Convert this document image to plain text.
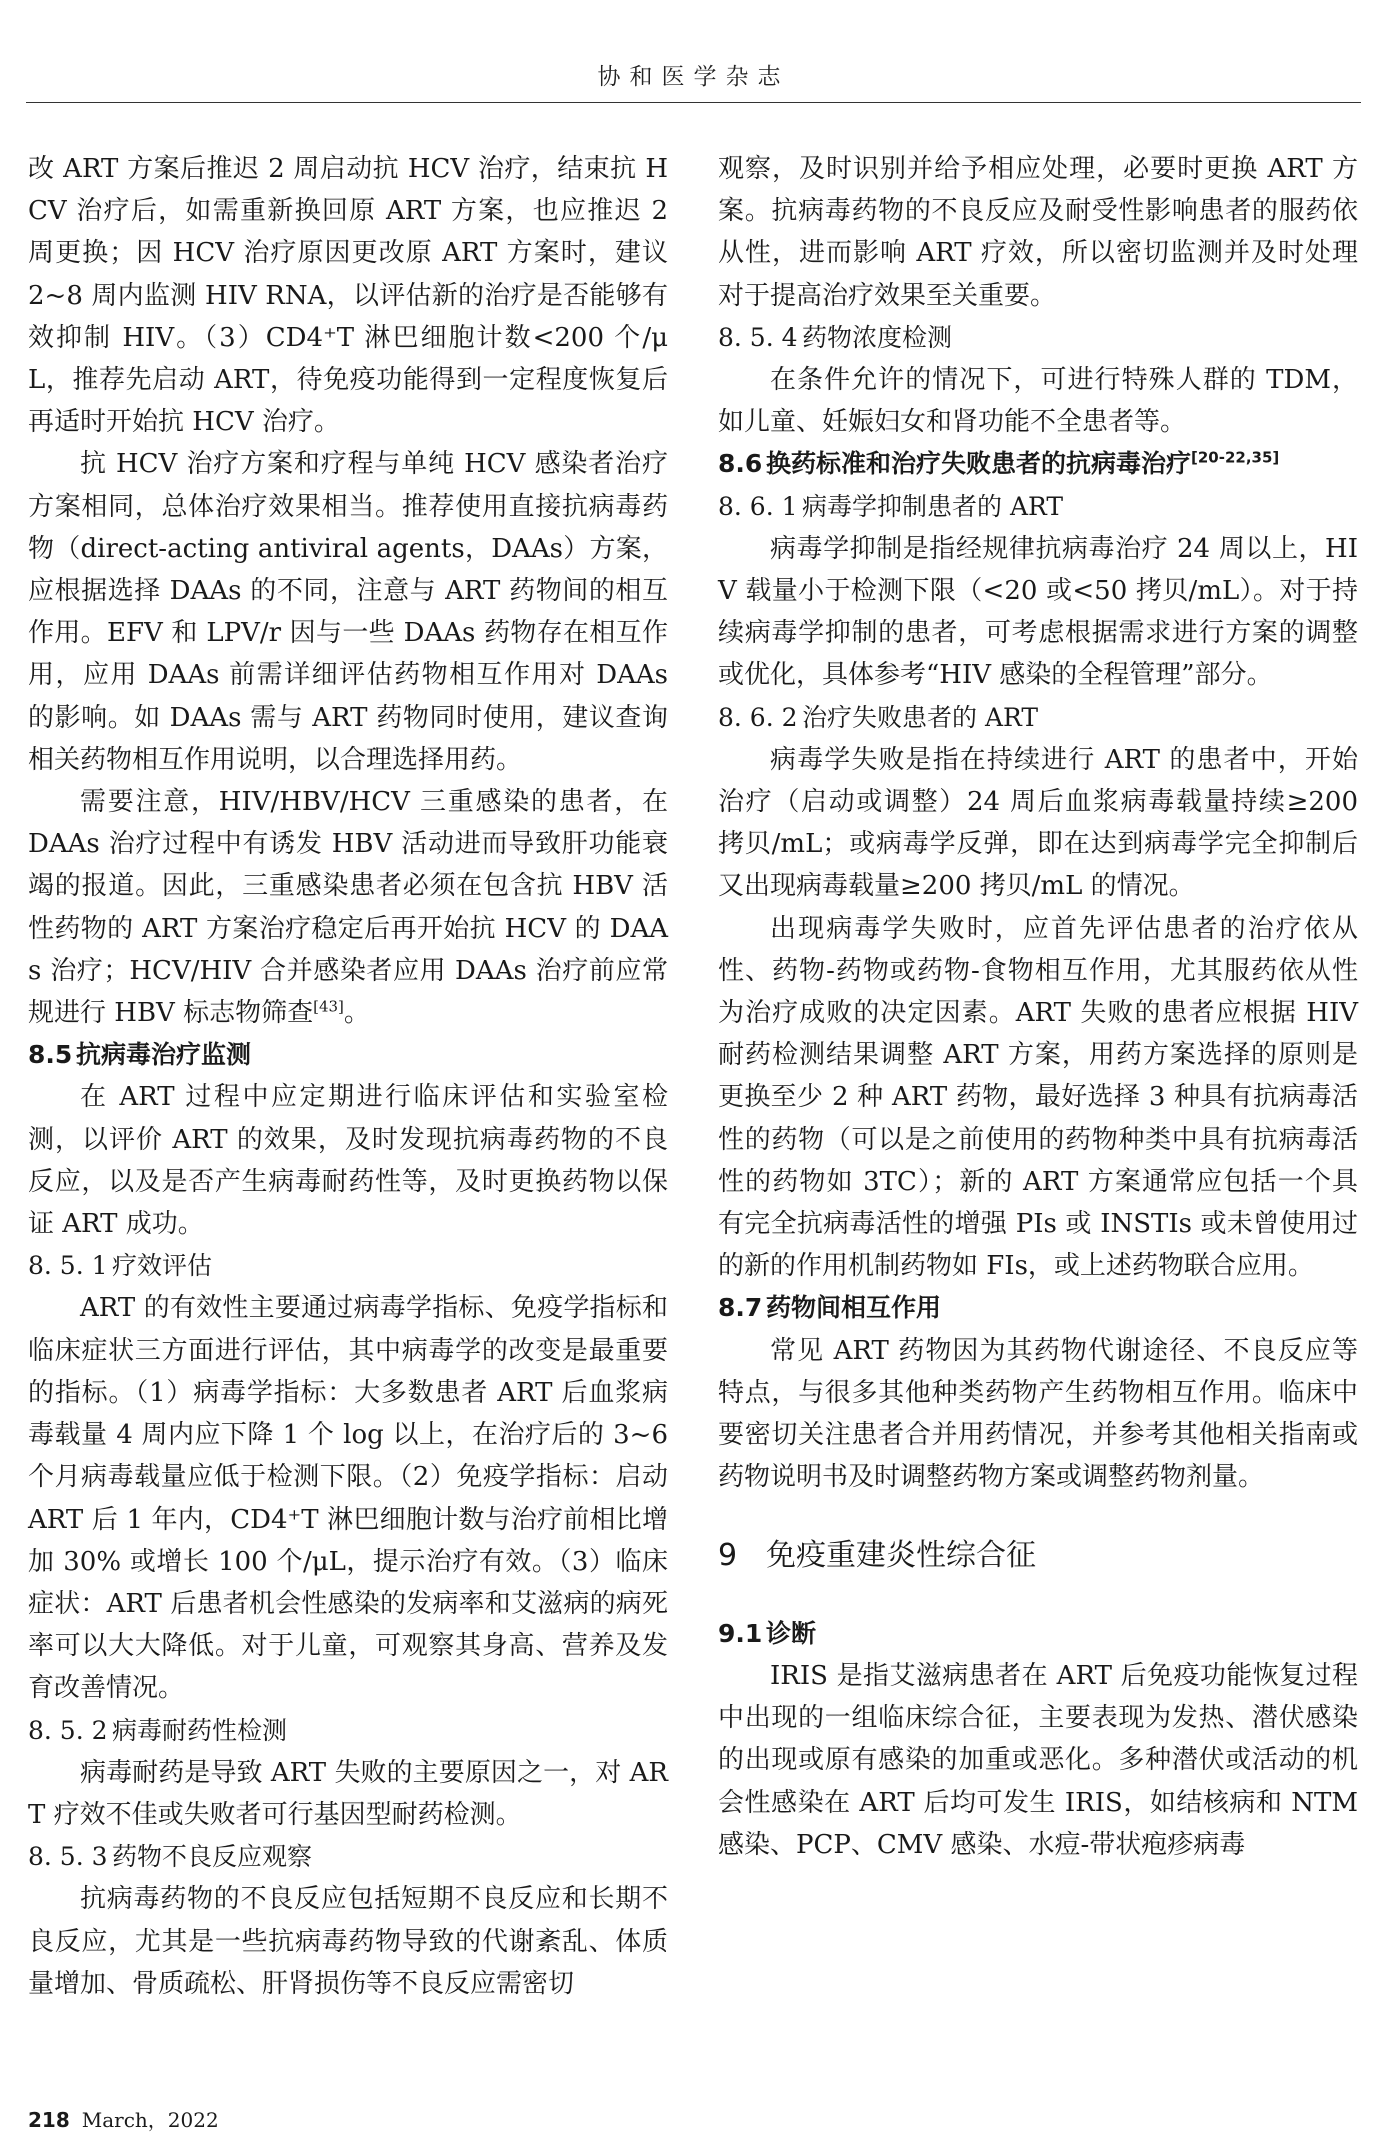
协和医学杂志

改 ART 方案后推迟 2 周启动抗 HCV 治疗，结束抗 HCV 治疗后，如需重新换回原 ART 方案，也应推迟 2 周更换；因 HCV 治疗原因更改原 ART 方案时，建议 2~8 周内监测 HIV RNA，以评估新的治疗是否能够有效抑制 HIV。（3）CD4⁺T 淋巴细胞计数<200 个/μL，推荐先启动 ART，待免疫功能得到一定程度恢复后再适时开始抗 HCV 治疗。

抗 HCV 治疗方案和疗程与单纯 HCV 感染者治疗方案相同，总体治疗效果相当。推荐使用直接抗病毒药物（direct-acting antiviral agents，DAAs）方案，应根据选择 DAAs 的不同，注意与 ART 药物间的相互作用。EFV 和 LPV/r 因与一些 DAAs 药物存在相互作用，应用 DAAs 前需详细评估药物相互作用对 DAAs 的影响。如 DAAs 需与 ART 药物同时使用，建议查询相关药物相互作用说明，以合理选择用药。

需要注意，HIV/HBV/HCV 三重感染的患者，在 DAAs 治疗过程中有诱发 HBV 活动进而导致肝功能衰竭的报道。因此，三重感染患者必须在包含抗 HBV 活性药物的 ART 方案治疗稳定后再开始抗 HCV 的 DAAs 治疗；HCV/HIV 合并感染者应用 DAAs 治疗前应常规进行 HBV 标志物筛查[43]。

8.5 抗病毒治疗监测

在 ART 过程中应定期进行临床评估和实验室检测，以评价 ART 的效果，及时发现抗病毒药物的不良反应，以及是否产生病毒耐药性等，及时更换药物以保证 ART 成功。

8. 5. 1 疗效评估

ART 的有效性主要通过病毒学指标、免疫学指标和临床症状三方面进行评估，其中病毒学的改变是最重要的指标。（1）病毒学指标：大多数患者 ART 后血浆病毒载量 4 周内应下降 1 个 log 以上，在治疗后的 3~6个月病毒载量应低于检测下限。（2）免疫学指标：启动 ART 后 1 年内，CD4⁺T 淋巴细胞计数与治疗前相比增加 30% 或增长 100 个/μL，提示治疗有效。（3）临床症状：ART 后患者机会性感染的发病率和艾滋病的病死率可以大大降低。对于儿童，可观察其身高、营养及发育改善情况。

8. 5. 2 病毒耐药性检测

病毒耐药是导致 ART 失败的主要原因之一，对 ART 疗效不佳或失败者可行基因型耐药检测。

8. 5. 3 药物不良反应观察

抗病毒药物的不良反应包括短期不良反应和长期不良反应，尤其是一些抗病毒药物导致的代谢紊乱、体质量增加、骨质疏松、肝肾损伤等不良反应需密切

观察，及时识别并给予相应处理，必要时更换 ART 方案。抗病毒药物的不良反应及耐受性影响患者的服药依从性，进而影响 ART 疗效，所以密切监测并及时处理对于提高治疗效果至关重要。

8. 5. 4 药物浓度检测

在条件允许的情况下，可进行特殊人群的 TDM，如儿童、妊娠妇女和肾功能不全患者等。

8.6 换药标准和治疗失败患者的抗病毒治疗[20-22,35]

8. 6. 1 病毒学抑制患者的 ART

病毒学抑制是指经规律抗病毒治疗 24 周以上，HIV 载量小于检测下限（<20 或<50 拷贝/mL）。对于持续病毒学抑制的患者，可考虑根据需求进行方案的调整或优化，具体参考“HIV 感染的全程管理”部分。

8. 6. 2 治疗失败患者的 ART

病毒学失败是指在持续进行 ART 的患者中，开始治疗（启动或调整）24 周后血浆病毒载量持续≥200 拷贝/mL；或病毒学反弹，即在达到病毒学完全抑制后又出现病毒载量≥200 拷贝/mL 的情况。

出现病毒学失败时，应首先评估患者的治疗依从性、药物-药物或药物-食物相互作用，尤其服药依从性为治疗成败的决定因素。ART 失败的患者应根据 HIV 耐药检测结果调整 ART 方案，用药方案选择的原则是更换至少 2 种 ART 药物，最好选择 3 种具有抗病毒活性的药物（可以是之前使用的药物种类中具有抗病毒活性的药物如 3TC）；新的 ART 方案通常应包括一个具有完全抗病毒活性的增强 PIs 或 INSTIs 或未曾使用过的新的作用机制药物如 FIs，或上述药物联合应用。

8.7 药物间相互作用

常见 ART 药物因为其药物代谢途径、不良反应等特点，与很多其他种类药物产生药物相互作用。临床中要密切关注患者合并用药情况，并参考其他相关指南或药物说明书及时调整药物方案或调整药物剂量。

9 免疫重建炎性综合征

9.1 诊断

IRIS 是指艾滋病患者在 ART 后免疫功能恢复过程中出现的一组临床综合征，主要表现为发热、潜伏感染的出现或原有感染的加重或恶化。多种潜伏或活动的机会性感染在 ART 后均可发生 IRIS，如结核病和 NTM 感染、PCP、CMV 感染、水痘-带状疱疹病毒

218 March，2022
